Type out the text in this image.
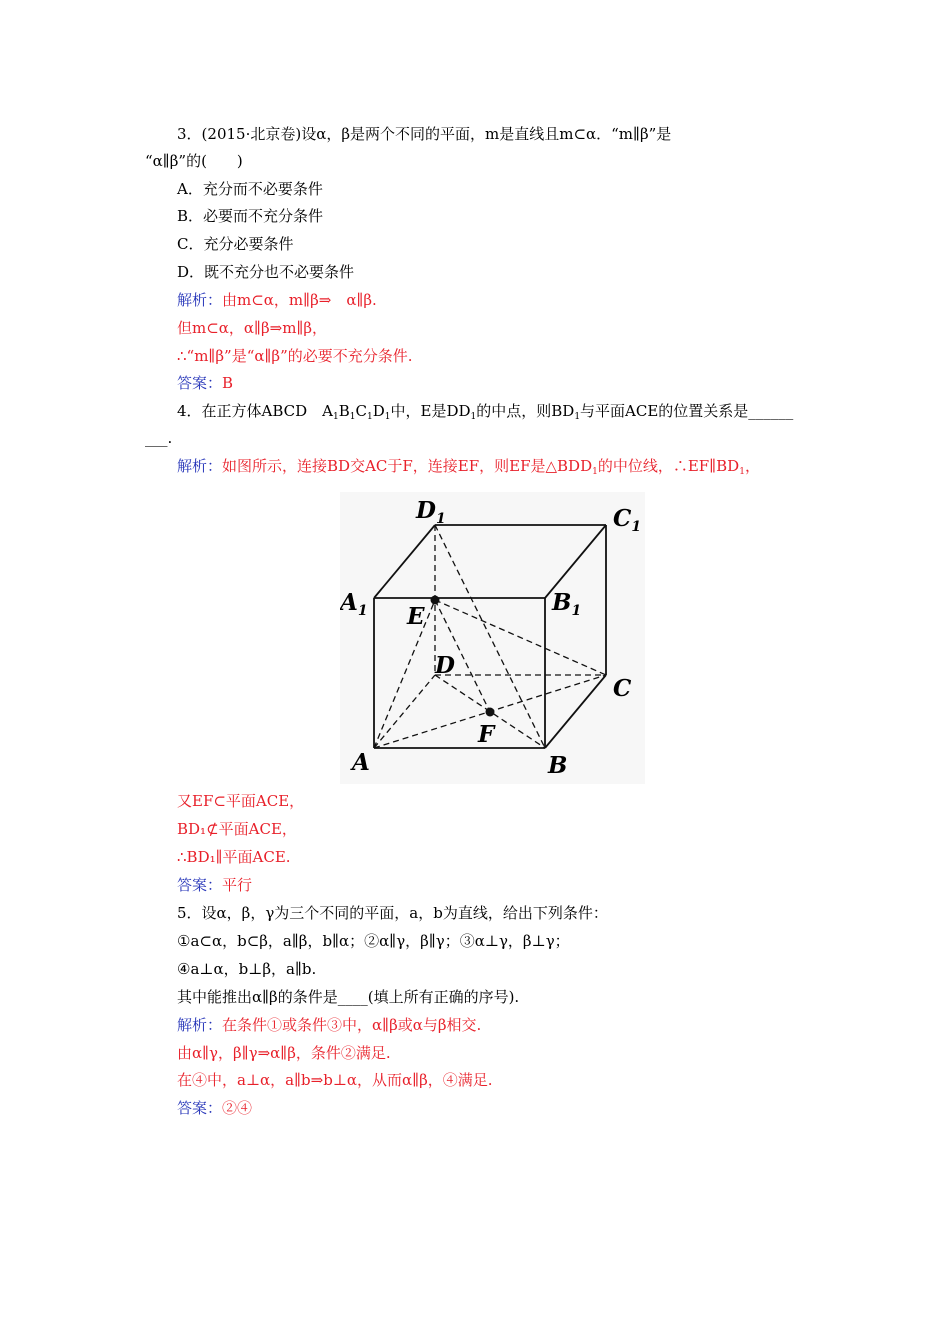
3．(2015·北京卷)设α，β是两个不同的平面，m是直线且m⊂α．“m∥β”是
“α∥β”的(　　)
A．充分而不必要条件
B．必要而不充分条件
C．充分必要条件
D．既不充分也不必要条件
解析：由m⊂α，m∥β⇒　α∥β.
但m⊂α，α∥β⇒m∥β，
∴“m∥β”是“α∥β”的必要不充分条件.
答案：B
4．在正方体ABCD　$A_1B_1C_1D_1$中，E是$DD_1$的中点，则$BD_1$与平面ACE的位置关系是______
___.
解析：如图所示，连接BD交AC于F，连接EF，则EF是$\triangle BDD_1$的中位线，$\therefore EF\parallel BD_1$，
$D_1$	$C_1$
$A_1$	$B_1$
E
D
C
F
A	B
又EF⊂平面ACE，
BD₁⊄平面ACE，
∴BD₁∥平面ACE.
答案：平行
5．设α，β，γ为三个不同的平面，a，b为直线，给出下列条件：
①a⊂α，b⊂β，a∥β，b∥α；②α∥γ，β∥γ；③α⊥γ，β⊥γ；
④a⊥α，b⊥β，a∥b.
其中能推出α∥β的条件是____(填上所有正确的序号).
解析：在条件①或条件③中，α∥β或α与β相交.
由α∥γ，β∥γ⇒α∥β，条件②满足.
在④中，a⊥α，a∥b⇒b⊥α，从而α∥β，④满足.
答案：②④
